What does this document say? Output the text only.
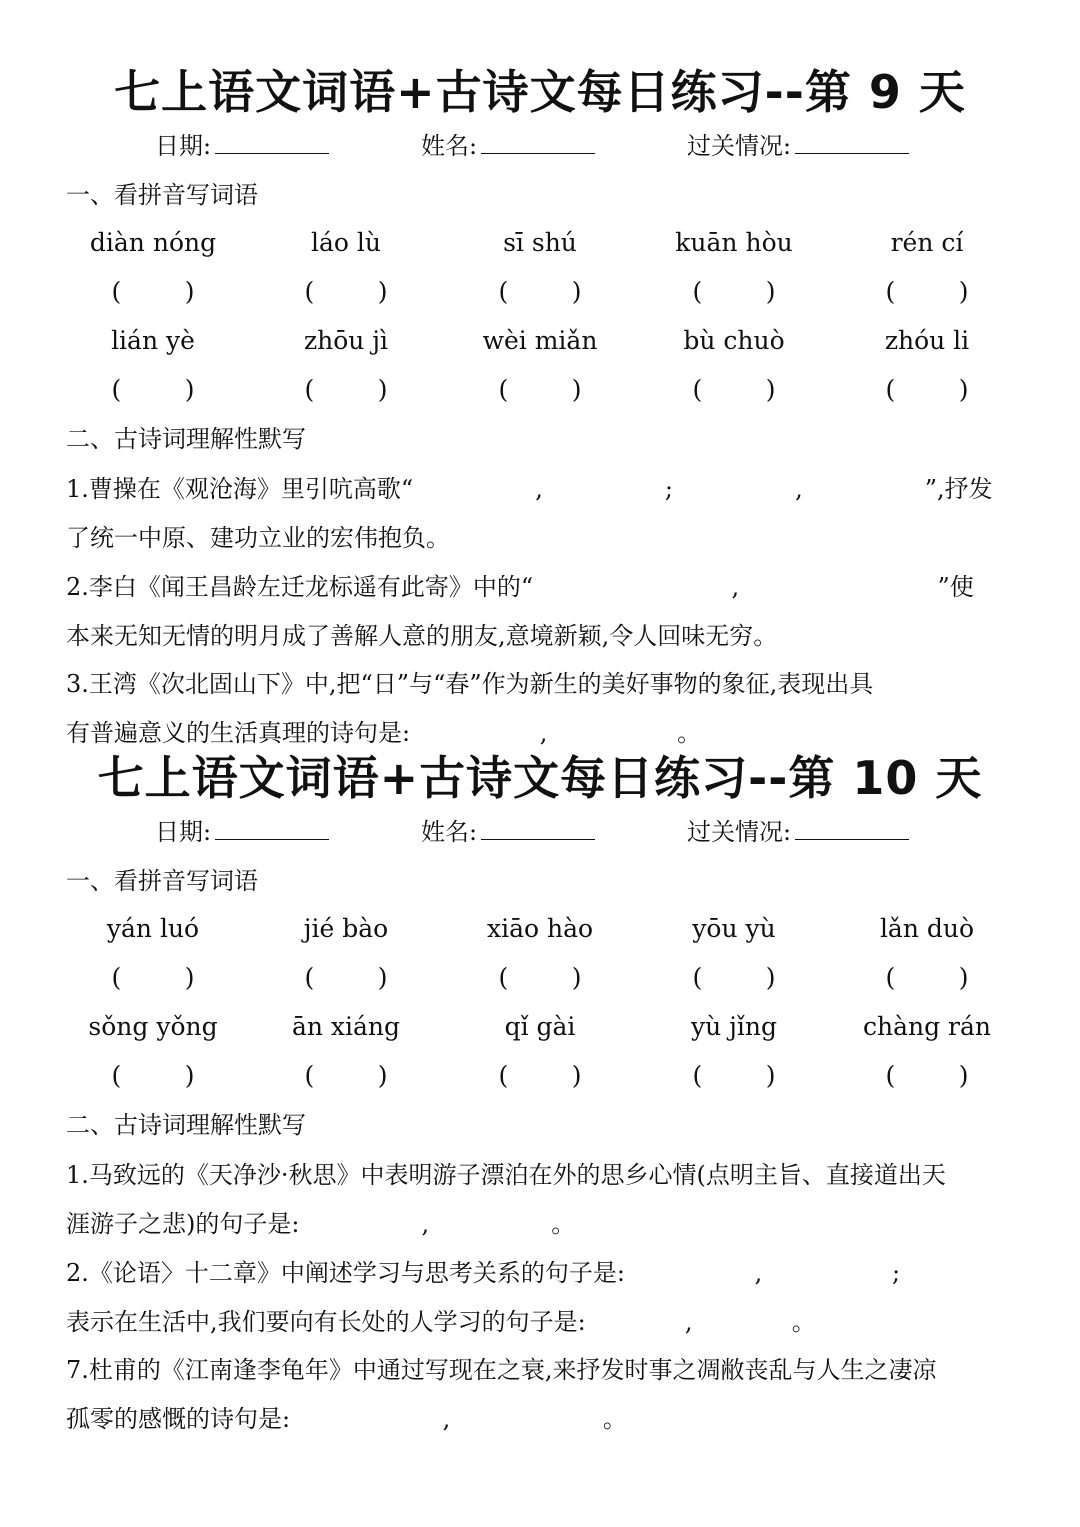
七上语文词语+古诗文每日练习--第 9 天
日期:	姓名:	过关情况:
一、看拼音写词语
diàn nóng	láo lù	sī shú	kuān hòu	rén cí
(        )	(        )	(        )	(        )	(        )
lián yè	zhōu jì	wèi miǎn	bù chuò	zhóu li
(        )	(        )	(        )	(        )	(        )
二、古诗词理解性默写
1.曹操在《观沧海》里引吭高歌“                ,                ;                ,                ”,抒发
了统一中原、建功立业的宏伟抱负。
2.李白《闻王昌龄左迁龙标遥有此寄》中的“                          ,                          ”使
本来无知无情的明月成了善解人意的朋友,意境新颖,令人回味无穷。
3.王湾《次北固山下》中,把“日”与“春”作为新生的美好事物的象征,表现出具
有普遍意义的生活真理的诗句是:                 ,                 。
七上语文词语+古诗文每日练习--第 10 天
日期:	姓名:	过关情况:
一、看拼音写词语
yán luó	jié bào	xiāo hào	yōu yù	lǎn duò
(        )	(        )	(        )	(        )	(        )
sǒng yǒng	ān xiáng	qǐ gài	yù jǐng	chàng rán
(        )	(        )	(        )	(        )	(        )
二、古诗词理解性默写
1.马致远的《天净沙·秋思》中表明游子漂泊在外的思乡心情(点明主旨、直接道出天
涯游子之悲)的句子是:                ,                。
2.《论语〉十二章》中阐述学习与思考关系的句子是:                 ,                 ;
表示在生活中,我们要向有长处的人学习的句子是:             ,             。
7.杜甫的《江南逢李龟年》中通过写现在之衰,来抒发时事之凋敝丧乱与人生之凄凉
孤零的感慨的诗句是:                    ,                    。
